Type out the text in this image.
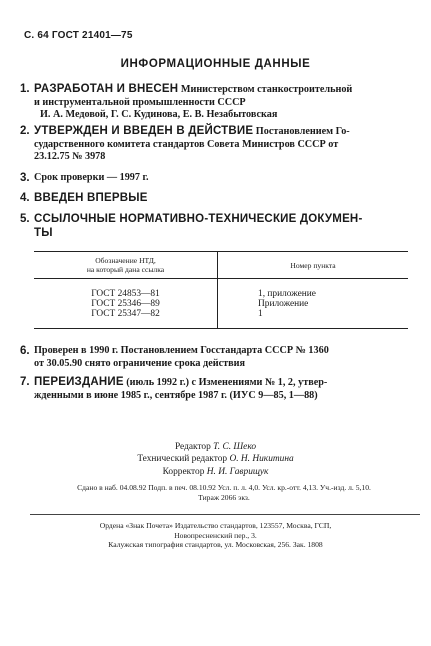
С. 64 ГОСТ 21401—75
ИНФОРМАЦИОННЫЕ ДАННЫЕ
1. РАЗРАБОТАН И ВНЕСЕН Министерством станкостроительной
и инструментальной промышленности СССР
И. А. Медовой, Г. С. Кудинова, Е. В. Незабытовская
2. УТВЕРЖДЕН И ВВЕДЕН В ДЕЙСТВИЕ Постановлением Го-
сударственного комитета стандартов Совета Министров СССР от
23.12.75 № 3978
3. Срок проверки — 1997 г.
4. ВВЕДЕН ВПЕРВЫЕ
5. ССЫЛОЧНЫЕ НОРМАТИВНО-ТЕХНИЧЕСКИЕ ДОКУМЕН-
ТЫ
Обозначение НТД,
на который дана ссылка	Номер пункта
ГОСТ 24853—81
ГОСТ 25346—89
ГОСТ 25347—82
1, приложение
Приложение
1
6. Проверен в 1990 г. Постановлением Госстандарта СССР № 1360
от 30.05.90 снято ограничение срока действия
7. ПЕРЕИЗДАНИЕ (июль 1992 г.) с Изменениями № 1, 2, утвер-
жденными в июне 1985 г., сентябре 1987 г. (ИУС 9—85, 1—88)
Редактор Т. С. Шеко
Технический редактор О. Н. Никитина
Корректор Н. И. Гаврищук
Сдано в наб. 04.08.92 Подп. в печ. 08.10.92 Усл. п. л. 4,0. Усл. кр.-отт. 4,13. Уч.-изд. л. 5,10.
Тираж 2066 экз.
Ордена «Знак Почета» Издательство стандартов, 123557, Москва, ГСП,
Новопресненский пер., 3.
Калужская типография стандартов, ул. Московская, 256. Зак. 1808
